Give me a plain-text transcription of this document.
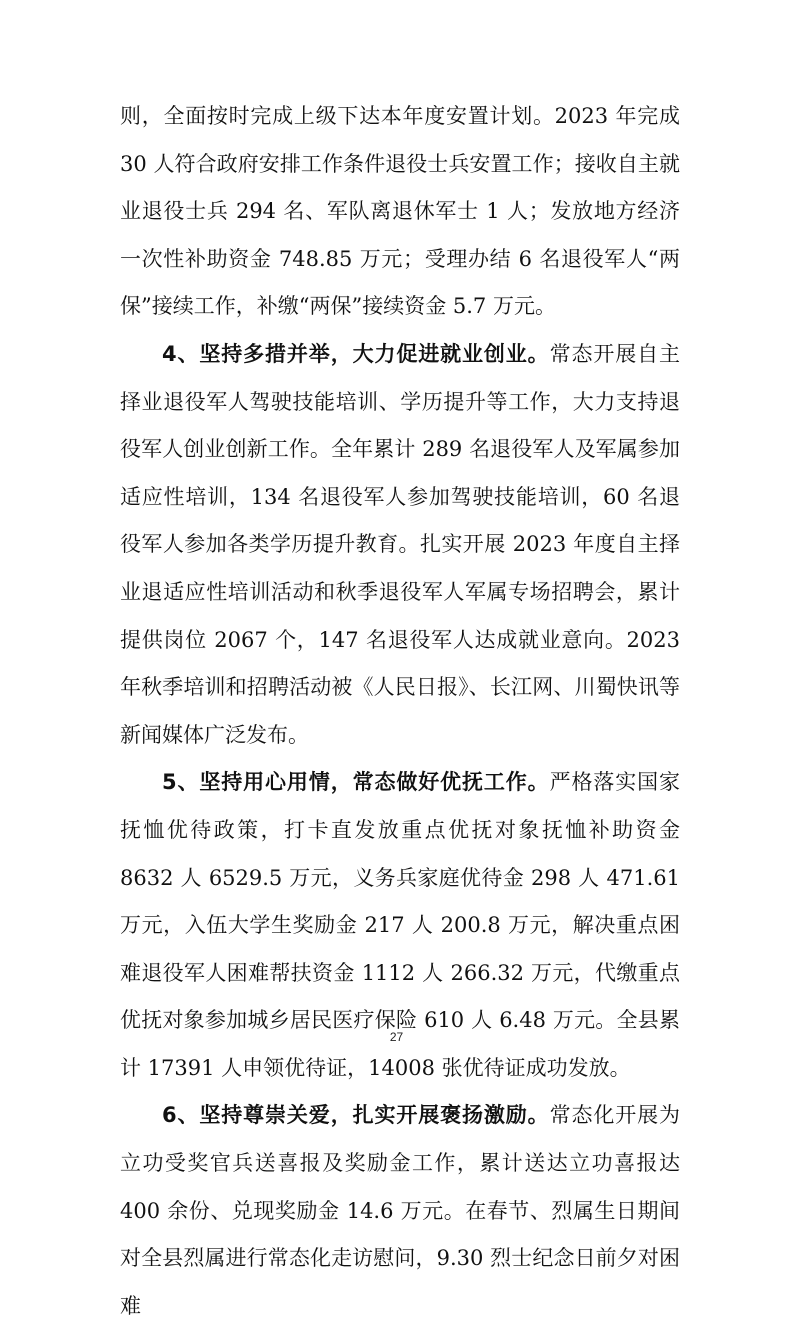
则，全面按时完成上级下达本年度安置计划。2023 年完成 30 人符合政府安排工作条件退役士兵安置工作；接收自主就业退役士兵 294 名、军队离退休军士 1 人；发放地方经济一次性补助资金 748.85 万元；受理办结 6 名退役军人“两保”接续工作，补缴“两保”接续资金 5.7 万元。

4、坚持多措并举，大力促进就业创业。常态开展自主择业退役军人驾驶技能培训、学历提升等工作，大力支持退役军人创业创新工作。全年累计 289 名退役军人及军属参加适应性培训，134 名退役军人参加驾驶技能培训，60 名退役军人参加各类学历提升教育。扎实开展 2023 年度自主择业退适应性培训活动和秋季退役军人军属专场招聘会，累计提供岗位 2067 个，147 名退役军人达成就业意向。2023 年秋季培训和招聘活动被《人民日报》、长江网、川蜀快讯等新闻媒体广泛发布。

5、坚持用心用情，常态做好优抚工作。严格落实国家抚恤优待政策，打卡直发放重点优抚对象抚恤补助资金 8632 人 6529.5 万元，义务兵家庭优待金 298 人 471.61 万元，入伍大学生奖励金 217 人 200.8 万元，解决重点困难退役军人困难帮扶资金 1112 人 266.32 万元，代缴重点优抚对象参加城乡居民医疗保险 610 人 6.48 万元。全县累计 17391 人申领优待证，14008 张优待证成功发放。

6、坚持尊崇关爱，扎实开展褒扬激励。常态化开展为立功受奖官兵送喜报及奖励金工作，累计送达立功喜报达 400 余份、兑现奖励金 14.6 万元。在春节、烈属生日期间对全县烈属进行常态化走访慰问，9.30 烈士纪念日前夕对困难

27
